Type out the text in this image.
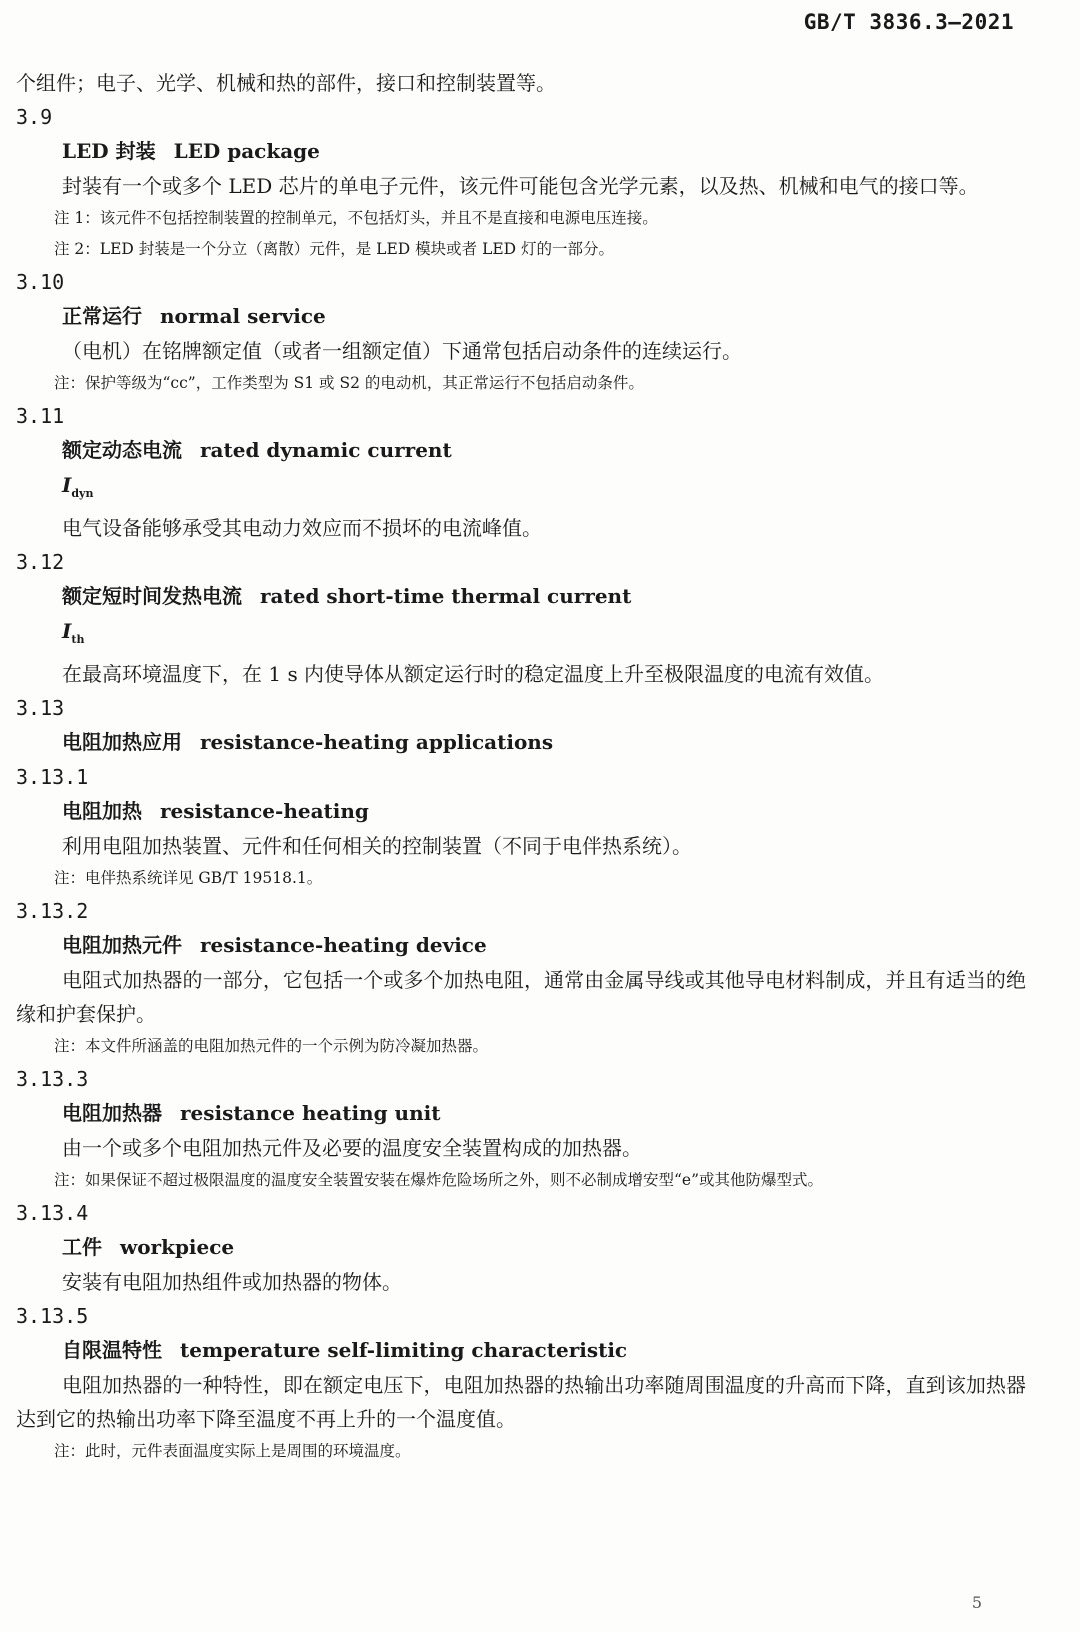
GB/T 3836.3—2021
个组件；电子、光学、机械和热的部件，接口和控制装置等。
3.9
LED 封装 LED package
封装有一个或多个 LED 芯片的单电子元件，该元件可能包含光学元素，以及热、机械和电气的接口等。
注 1：该元件不包括控制装置的控制单元，不包括灯头，并且不是直接和电源电压连接。
注 2：LED 封装是一个分立（离散）元件，是 LED 模块或者 LED 灯的一部分。
3.10
正常运行 normal service
（电机）在铭牌额定值（或者一组额定值）下通常包括启动条件的连续运行。
注：保护等级为“cc”，工作类型为 S1 或 S2 的电动机，其正常运行不包括启动条件。
3.11
额定动态电流 rated dynamic current
$I_{dyn}$
电气设备能够承受其电动力效应而不损坏的电流峰值。
3.12
额定短时间发热电流 rated short-time thermal current
$I_{th}$
在最高环境温度下，在 1 s 内使导体从额定运行时的稳定温度上升至极限温度的电流有效值。
3.13
电阻加热应用 resistance-heating applications
3.13.1
电阻加热 resistance-heating
利用电阻加热装置、元件和任何相关的控制装置（不同于电伴热系统）。
注：电伴热系统详见 GB/T 19518.1。
3.13.2
电阻加热元件 resistance-heating device
电阻式加热器的一部分，它包括一个或多个加热电阻，通常由金属导线或其他导电材料制成，并且有适当的绝缘和护套保护。
注：本文件所涵盖的电阻加热元件的一个示例为防冷凝加热器。
3.13.3
电阻加热器 resistance heating unit
由一个或多个电阻加热元件及必要的温度安全装置构成的加热器。
注：如果保证不超过极限温度的温度安全装置安装在爆炸危险场所之外，则不必制成增安型“e”或其他防爆型式。
3.13.4
工件 workpiece
安装有电阻加热组件或加热器的物体。
3.13.5
自限温特性 temperature self-limiting characteristic
电阻加热器的一种特性，即在额定电压下，电阻加热器的热输出功率随周围温度的升高而下降，直到该加热器达到它的热输出功率下降至温度不再上升的一个温度值。
注：此时，元件表面温度实际上是周围的环境温度。
5
